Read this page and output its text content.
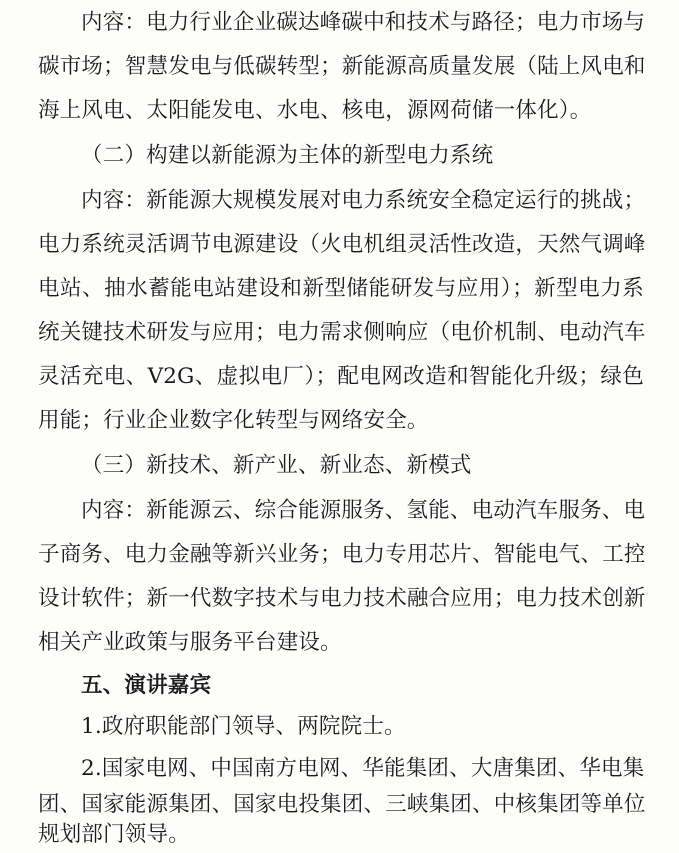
内容：电力行业企业碳达峰碳中和技术与路径；电力市场与
碳市场；智慧发电与低碳转型；新能源高质量发展（陆上风电和
海上风电、太阳能发电、水电、核电，源网荷储一体化）。
（二）构建以新能源为主体的新型电力系统
内容：新能源大规模发展对电力系统安全稳定运行的挑战；
电力系统灵活调节电源建设（火电机组灵活性改造，天然气调峰
电站、抽水蓄能电站建设和新型储能研发与应用）；新型电力系
统关键技术研发与应用；电力需求侧响应（电价机制、电动汽车
灵活充电、V2G、虚拟电厂）；配电网改造和智能化升级；绿色
用能；行业企业数字化转型与网络安全。
（三）新技术、新产业、新业态、新模式
内容：新能源云、综合能源服务、氢能、电动汽车服务、电
子商务、电力金融等新兴业务；电力专用芯片、智能电气、工控
设计软件；新一代数字技术与电力技术融合应用；电力技术创新
相关产业政策与服务平台建设。
五、演讲嘉宾
1.政府职能部门领导、两院院士。
2.国家电网、中国南方电网、华能集团、大唐集团、华电集
团、国家能源集团、国家电投集团、三峡集团、中核集团等单位
规划部门领导。
